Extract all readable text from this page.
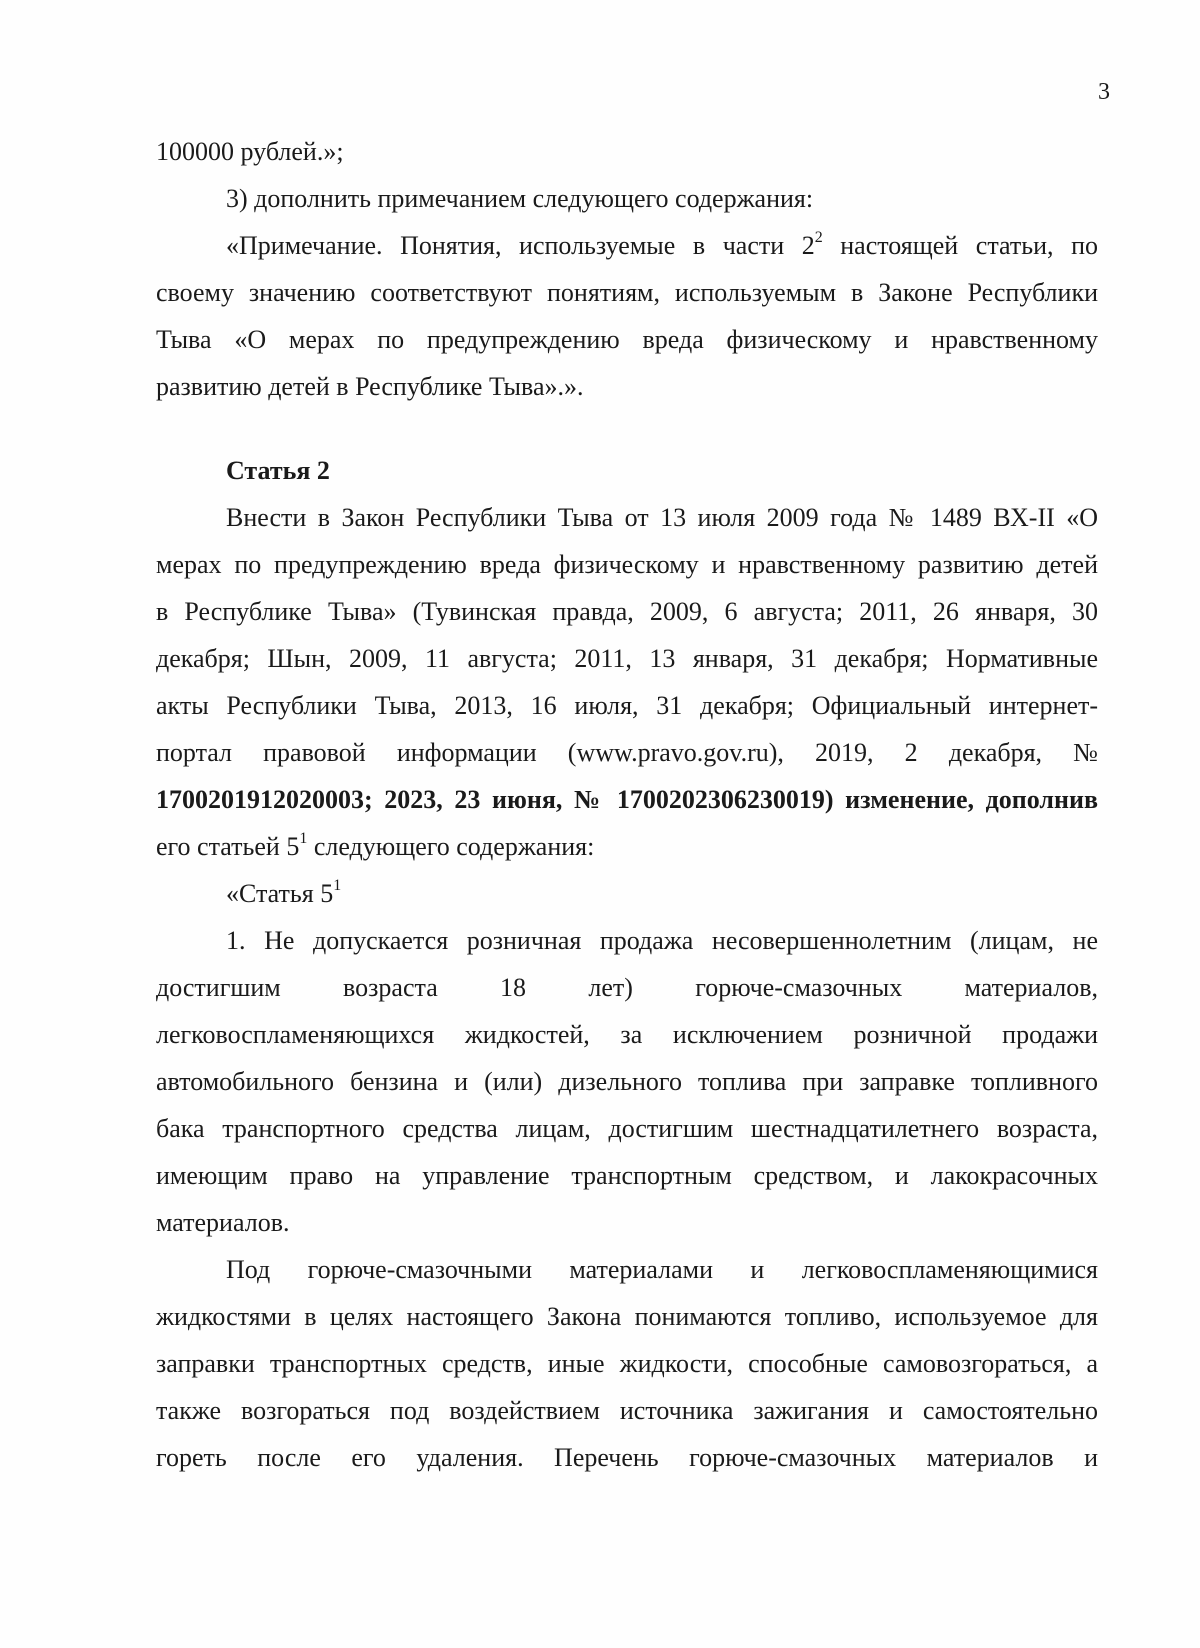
3
100000 рублей.»;
3) дополнить примечанием следующего содержания:
«Примечание. Понятия, используемые в части $2^2$ настоящей статьи, по
своему значению соответствуют понятиям, используемым в Законе Республики
Тыва «О мерах по предупреждению вреда физическому и нравственному
развитию детей в Республике Тыва».».
Статья 2
Внести в Закон Республики Тыва от 13 июля 2009 года № 1489 ВХ-II «О
мерах по предупреждению вреда физическому и нравственному развитию детей
в Республике Тыва» (Тувинская правда, 2009, 6 августа; 2011, 26 января, 30
декабря; Шын, 2009, 11 августа; 2011, 13 января, 31 декабря; Нормативные
акты Республики Тыва, 2013, 16 июля, 31 декабря; Официальный интернет-
портал правовой информации (www.pravo.gov.ru), 2019, 2 декабря, №
1700201912020003; 2023, 23 июня, № 1700202306230019) изменение, дополнив
его статьей $5^1$ следующего содержания:
«Статья $5^1$
1. Не допускается розничная продажа несовершеннолетним (лицам, не
достигшим возраста 18 лет) горюче-смазочных материалов,
легковоспламеняющихся жидкостей, за исключением розничной продажи
автомобильного бензина и (или) дизельного топлива при заправке топливного
бака транспортного средства лицам, достигшим шестнадцатилетнего возраста,
имеющим право на управление транспортным средством, и лакокрасочных
материалов.
Под горюче-смазочными материалами и легковоспламеняющимися
жидкостями в целях настоящего Закона понимаются топливо, используемое для
заправки транспортных средств, иные жидкости, способные самовозгораться, а
также возгораться под воздействием источника зажигания и самостоятельно
гореть после его удаления. Перечень горюче-смазочных материалов и
